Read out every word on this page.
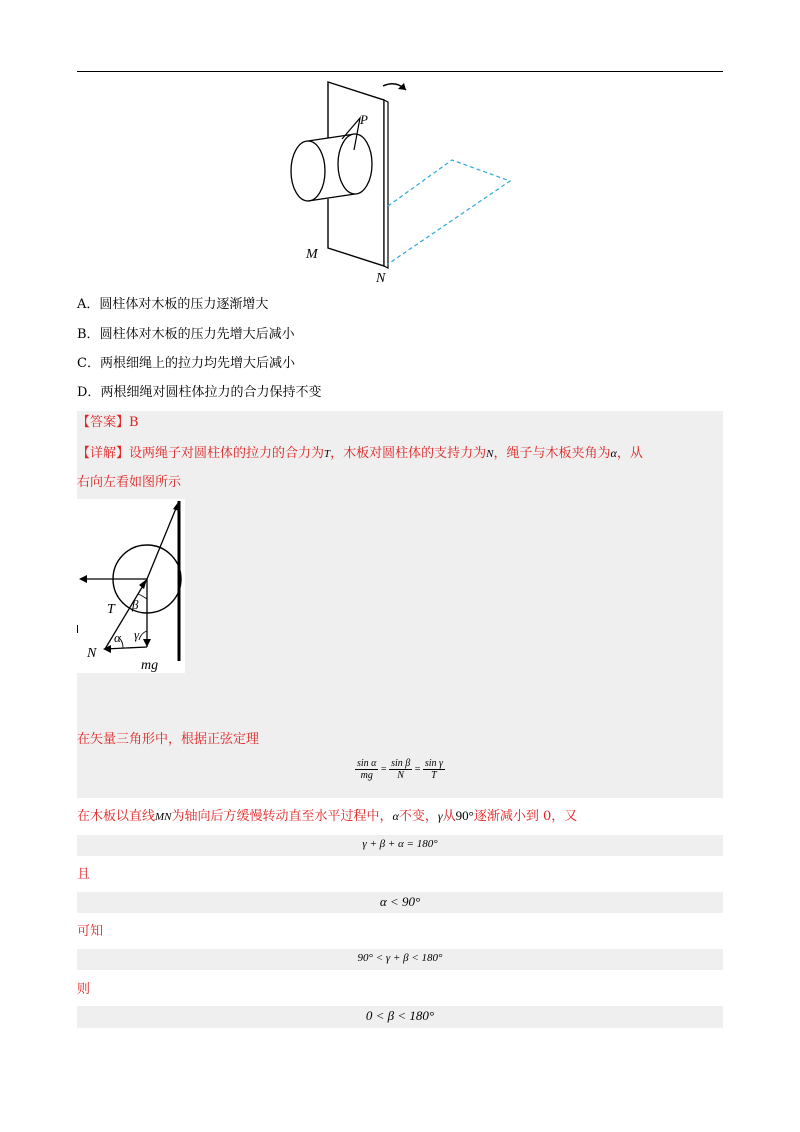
P
M
N
A．圆柱体对木板的压力逐渐增大
B．圆柱体对木板的压力先增大后减小
C．两根细绳上的拉力均先增大后减小
D．两根细绳对圆柱体拉力的合力保持不变
【答案】B
【详解】设两绳子对圆柱体的拉力的合力为T，木板对圆柱体的支持力为N，绳子与木板夹角为α，从
右向左看如图所示
T β
α γ
N
mg
在矢量三角形中，根据正弦定理
$\frac{\text{sin α}}{mg} = \frac{\text{sin β}}{N} = \frac{\text{sin γ}}{T}$
在木板以直线MN为轴向后方缓慢转动直至水平过程中，α不变，γ从90°逐渐减小到 0，又
γ + β + α = 180°
且
α < 90°
可知
90° < γ + β < 180°
则
0 < β < 180°
